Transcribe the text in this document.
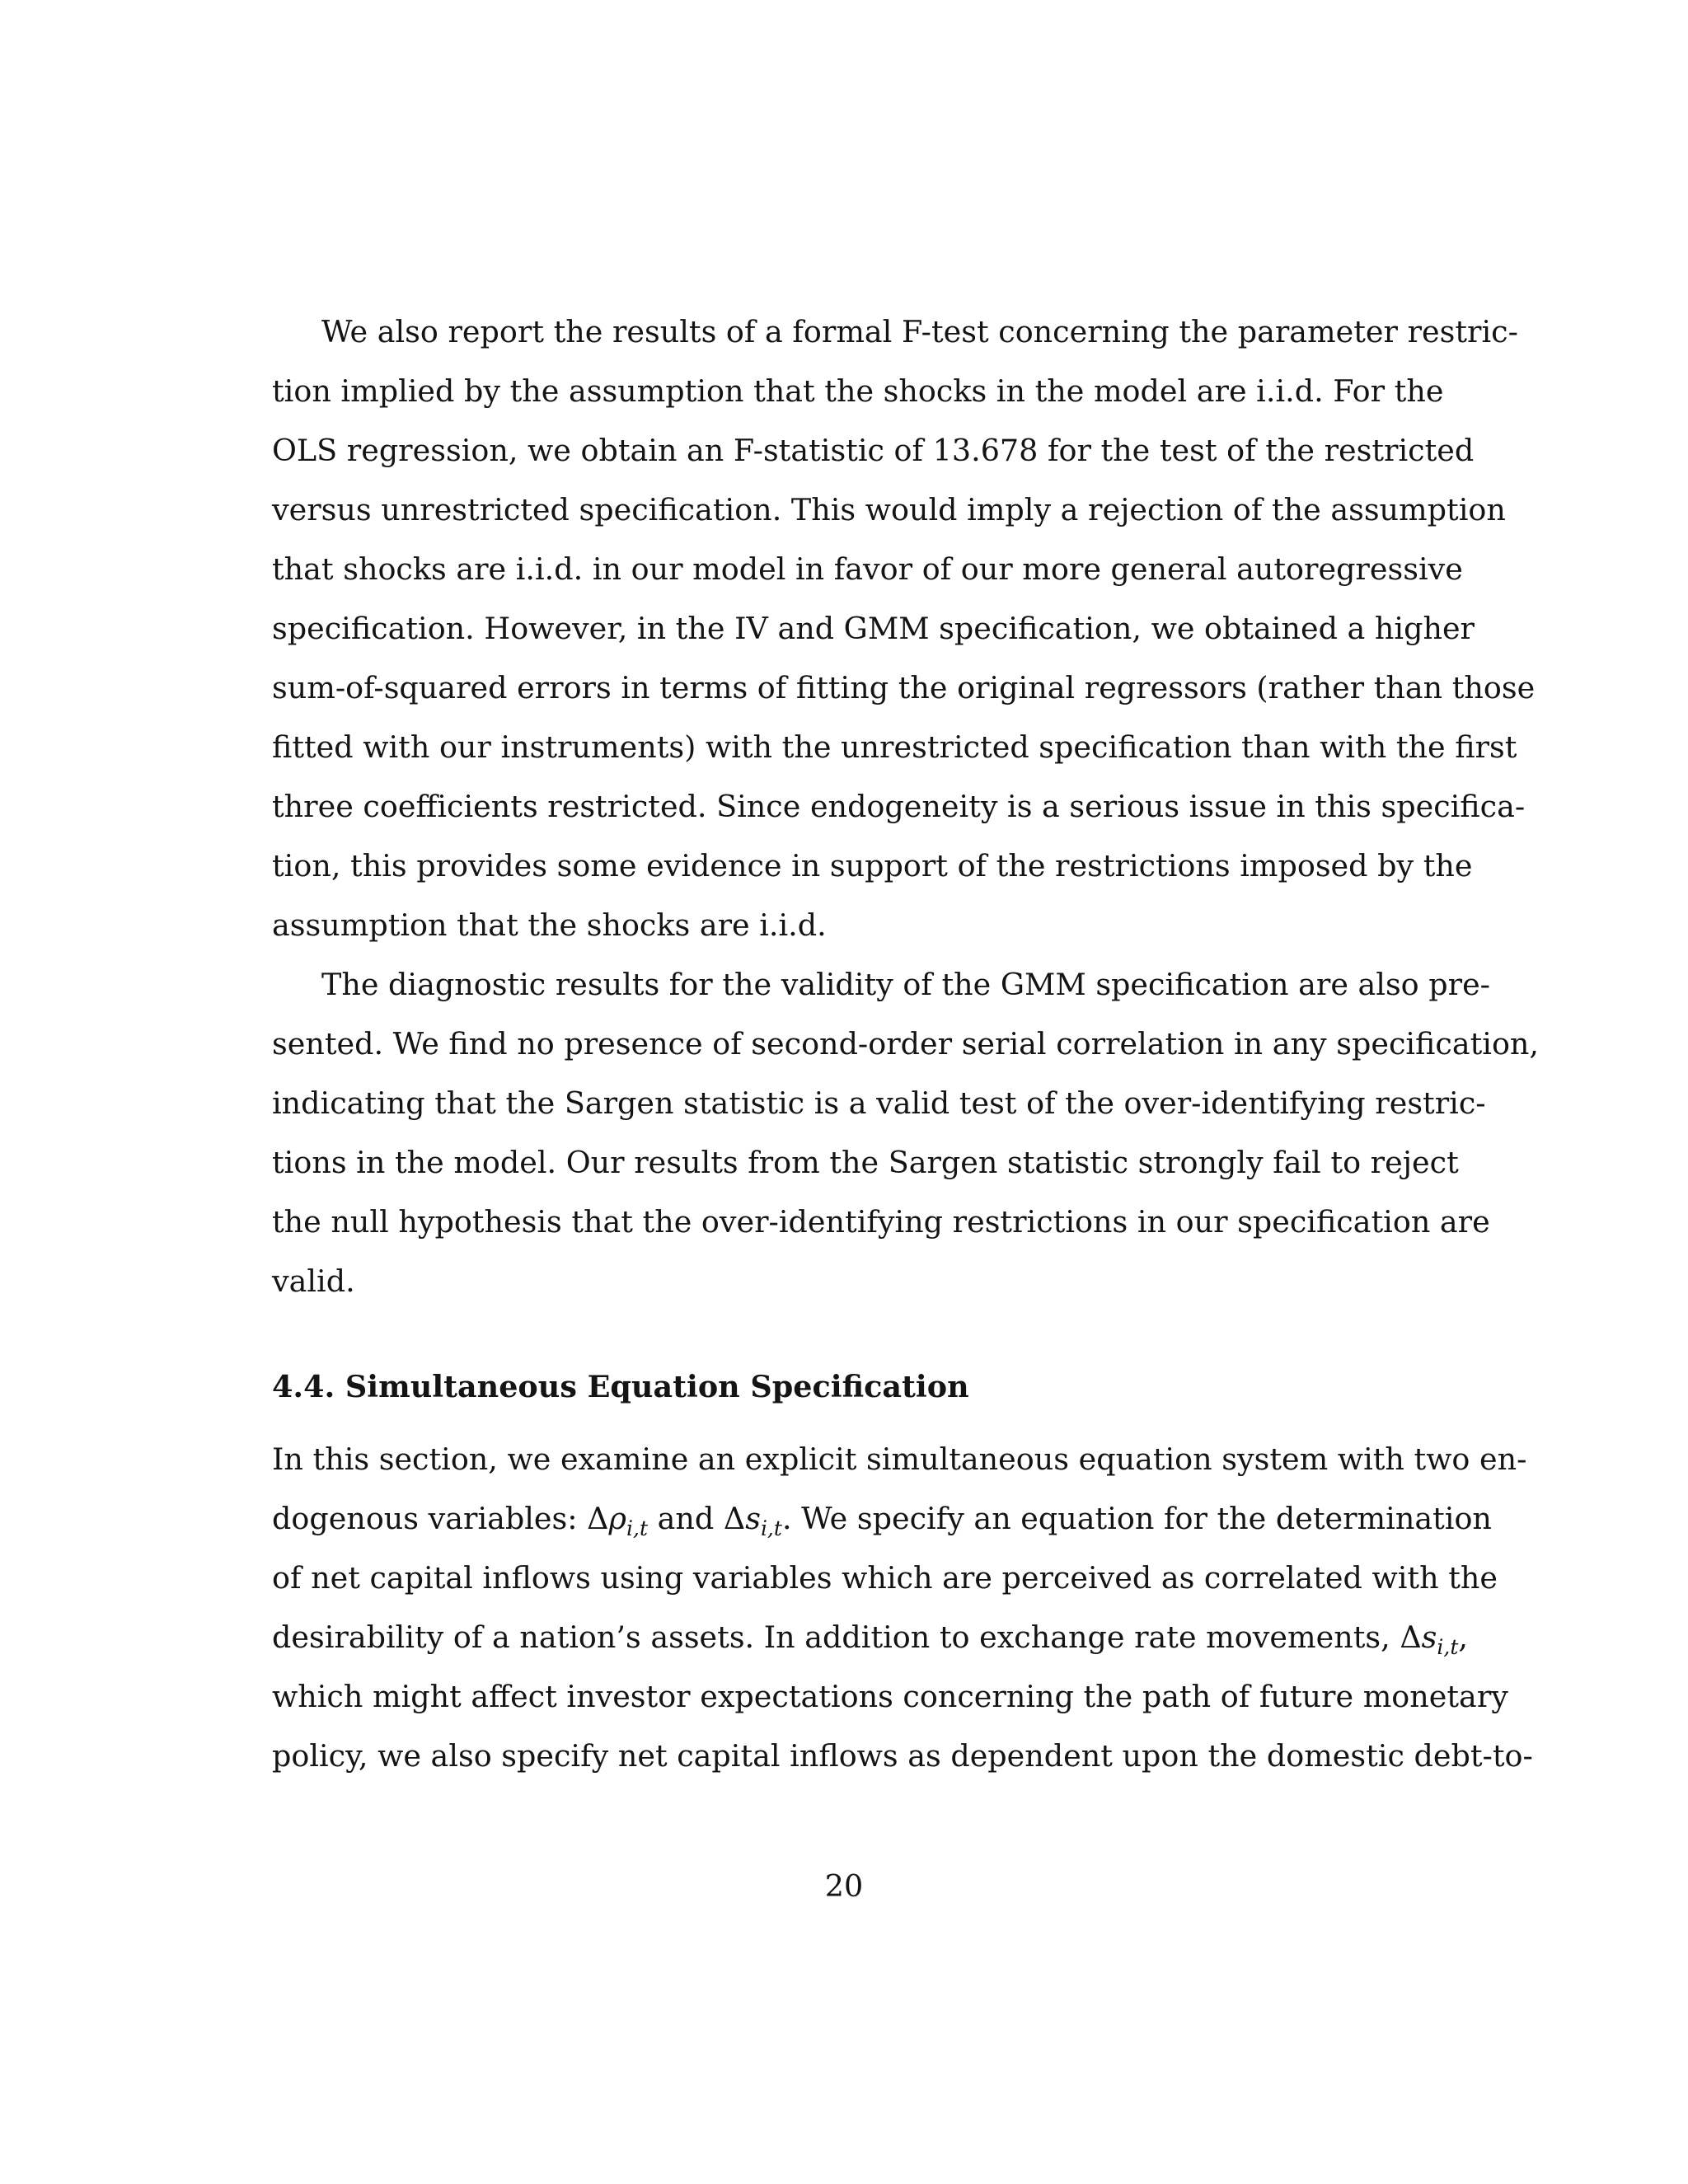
We also report the results of a formal F-test concerning the parameter restric-
tion implied by the assumption that the shocks in the model are i.i.d. For the
OLS regression, we obtain an F-statistic of 13.678 for the test of the restricted
versus unrestricted specification. This would imply a rejection of the assumption
that shocks are i.i.d. in our model in favor of our more general autoregressive
specification. However, in the IV and GMM specification, we obtained a higher
sum-of-squared errors in terms of fitting the original regressors (rather than those
fitted with our instruments) with the unrestricted specification than with the first
three coefficients restricted. Since endogeneity is a serious issue in this specifica-
tion, this provides some evidence in support of the restrictions imposed by the
assumption that the shocks are i.i.d.
The diagnostic results for the validity of the GMM specification are also pre-
sented. We find no presence of second-order serial correlation in any specification,
indicating that the Sargen statistic is a valid test of the over-identifying restric-
tions in the model. Our results from the Sargen statistic strongly fail to reject
the null hypothesis that the over-identifying restrictions in our specification are
valid.
4.4. Simultaneous Equation Specification
In this section, we examine an explicit simultaneous equation system with two en-
dogenous variables: $\Delta\rho_{i,t}$ and $\Delta s_{i,t}$. We specify an equation for the determination
of net capital inflows using variables which are perceived as correlated with the
desirability of a nation’s assets. In addition to exchange rate movements, $\Delta s_{i,t}$,
which might affect investor expectations concerning the path of future monetary
policy, we also specify net capital inflows as dependent upon the domestic debt-to-
20
